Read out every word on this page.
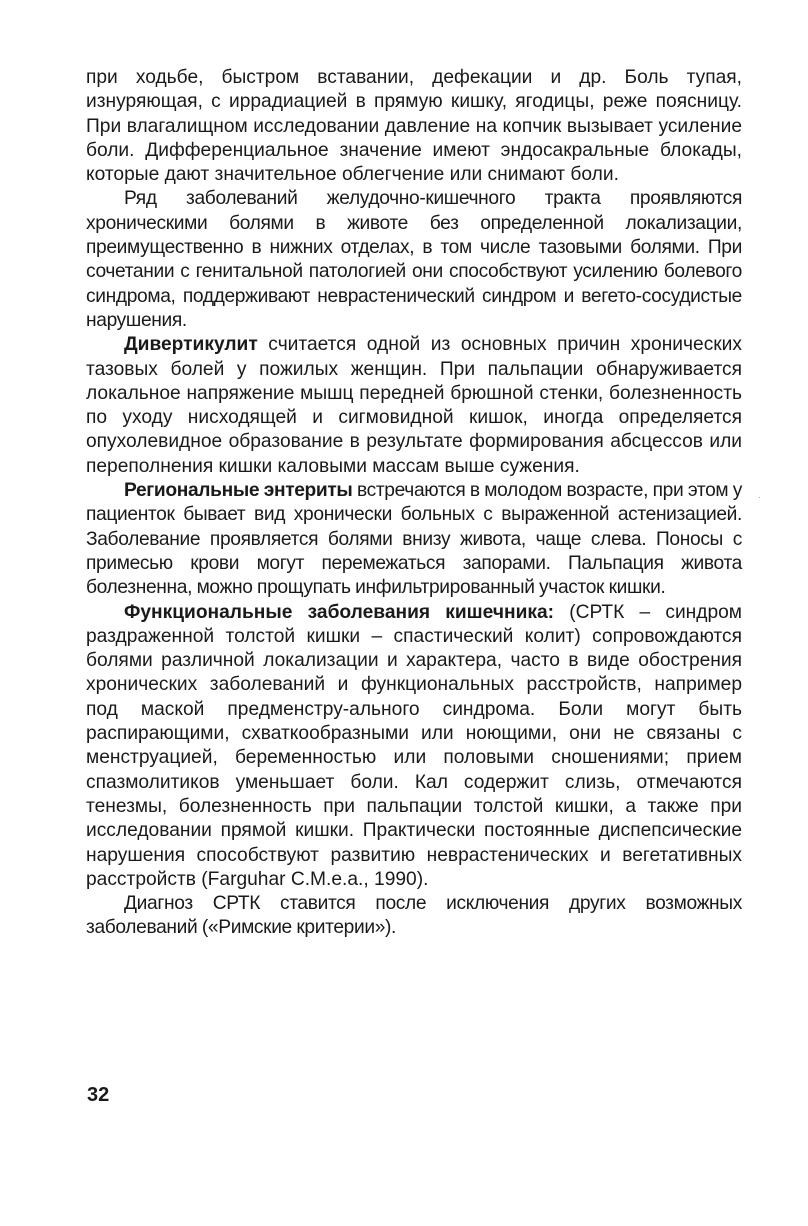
при ходьбе, быстром вставании, дефекации и др. Боль тупая, изнуряющая, с иррадиацией в прямую кишку, ягодицы, реже поясницу. При влагалищном исследовании давление на копчик вызывает усиление боли. Дифференциальное значение имеют эндосакральные блокады, которые дают значительное облегчение или снимают боли.

Ряд заболеваний желудочно-кишечного тракта проявляются хроническими болями в животе без определенной локализации, преимущественно в нижних отделах, в том числе тазовыми болями. При сочетании с генитальной патологией они способствуют усилению болевого синдрома, поддерживают неврастенический синдром и вегето-сосудистые нарушения.

Дивертикулит считается одной из основных причин хронических тазовых болей у пожилых женщин. При пальпации обнаруживается локальное напряжение мышц передней брюшной стенки, болезненность по уходу нисходящей и сигмовидной кишок, иногда определяется опухолевидное образование в результате формирования абсцессов или переполнения кишки каловыми массам выше сужения.

Региональные энтериты встречаются в молодом возрасте, при этом у пациенток бывает вид хронически больных с выраженной астенизацией. Заболевание проявляется болями внизу живота, чаще слева. Поносы с примесью крови могут перемежаться запорами. Пальпация живота болезненна, можно прощупать инфильтрированный участок кишки.

Функциональные заболевания кишечника: (СРТК – синдром раздраженной толстой кишки – спастический колит) сопровождаются болями различной локализации и характера, часто в виде обострения хронических заболеваний и функциональных расстройств, например под маской предменстру-ального синдрома. Боли могут быть распирающими, схваткообразными или ноющими, они не связаны с менструацией, беременностью или половыми сношениями; прием спазмолитиков уменьшает боли. Кал содержит слизь, отмечаются тенезмы, болезненность при пальпации толстой кишки, а также при исследовании прямой кишки. Практически постоянные диспепсические нарушения способствуют развитию неврастенических и вегетативных расстройств (Farguhar C.M.e.a., 1990).

Диагноз СРТК ставится после исключения других возможных заболеваний («Римские критерии»).

32
·
